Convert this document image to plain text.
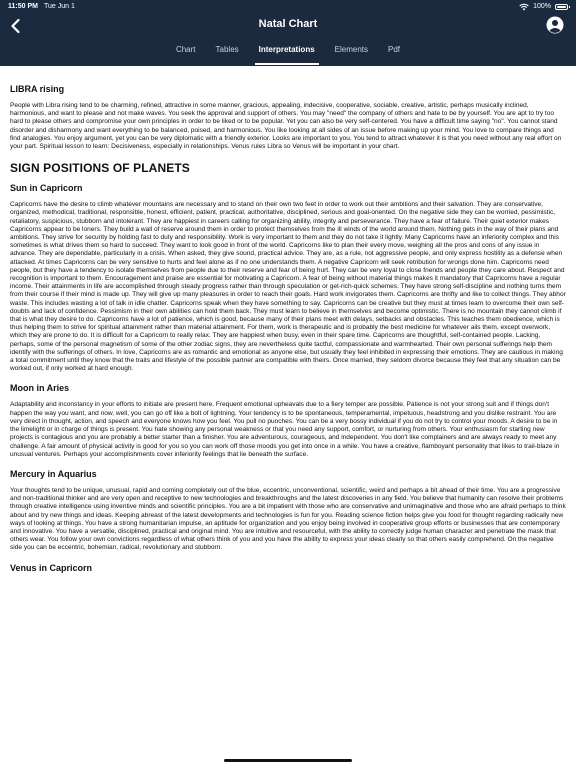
11:50 PM Tue Jun 1	100%
Natal Chart
Chart	Tables	Interpretations	Elements	Pdf
LIBRA rising

People with Libra rising tend to be charming, refined, attractive in some manner, gracious, appealing, indecisive, cooperative, sociable, creative, artistic, perhaps musically inclined, harmonious, and want to please and not make waves. You seek the approval and support of others. You may "need" the company of others and hate to be by yourself. You are apt to try too hard to please others and compromise your own principles in order to be liked or to be popular. Yet you can also be very self-centered. You have a difficult time saying "no". You cannot stand disorder and disharmony and want everything to be balanced, poised, and harmonious. You like looking at all sides of an issue before making up your mind. You love to compare things and find analogies. You enjoy argument, yet you can be very diplomatic with a friendly exterior. Looks are important to you. You tend to attract whatever it is that you need without any real effort on your part. Spiritual lesson to learn: Decisiveness, especially in relationships. Venus rules Libra so Venus will be important in your chart.

SIGN POSITIONS OF PLANETS
Sun in Capricorn

Capricorns have the desire to climb whatever mountains are necessary and to stand on their own two feet in order to work out their ambitions and their salvation. They are conservative, organized, methodical, traditional, responsible, honest, efficient, patient, practical, authoritative, disciplined, serious and goal-oriented. On the negative side they can be worried, pessimistic, retaliatory, suspicious, stubborn and intolerant. They are happiest in careers calling for organizing ability, integrity and perseverance. They have a fear of failure. Their quiet exterior makes Capricorns appear to be loners. They build a wall of reserve around them in order to protect themselves from the ill winds of the world around them. Nothing gets in the way of their plans and ambitions. They strive for security by holding fast to duty and responsibility. Work is very important to them and they do not take it lightly. Many Capricorns have an inferiority complex and this sometimes is what drives them so hard to succeed. They want to look good in front of the world. Capricorns like to plan their every move, weighing all the pros and cons of any issue in advance. They are dependable, particularly in a crisis. When asked, they give sound, practical advice. They are, as a rule, not aggressive people, and only express hostility as a defense when attacked. At times Capricorns can be very sensitive to hurts and feel alone as if no one understands them. A negative Capricorn will seek retribution for wrongs done him. Capricorns need people, but they have a tendency to isolate themselves from people due to their reserve and fear of being hurt. They can be very loyal to close friends and people they care about. Respect and recognition is important to them. Encouragement and praise are essential for motivating a Capricorn. A fear of being without material things makes it mandatory that Capricorns have a regular income. Their attainments in life are accomplished through steady progress rather than through speculation or get-rich-quick schemes. They have strong self-discipline and nothing turns them from their course if their mind is made up. They will give up many pleasures in order to reach their goals. Hard work invigorates them. Capricorns are thrifty and like to collect things. They abhor waste. This includes wasting a lot of talk in idle chatter. Capricorns speak when they have something to say. Capricorns can be creative but they must at times learn to overcome their own self-doubts and lack of confidence. Pessimism in their own abilities can hold them back. They must learn to believe in themselves and become optimistic. There is no mountain they cannot climb if that is what they desire to do. Capricorns have a lot of patience, which is good, because many of their plans meet with delays, setbacks and obstacles. This teaches them obedience, which is thus helping them to strive for spiritual attainment rather than material attainment. For them, work is therapeutic and is probably the best medicine for whatever ails them, except overwork, which they are prone to do. It is difficult for a Capricorn to really relax. They are happiest when busy, even in their spare time. Capricorns are thoughtful, self-contained people. Lacking, perhaps, some of the personal magnetism of some of the other zodiac signs, they are nevertheless quite tactful, compassionate and warmhearted. Their own personal sufferings help them identify with the sufferings of others. In love, Capricorns are as romantic and emotional as anyone else, but usually they feel inhibited in expressing their emotions. They are cautious in making a total commitment until they know that the traits and lifestyle of the possible partner are compatible with theirs. Once married, they seldom divorce because they feel that any situation can be worked out, if only worked at hard enough.

Moon in Aries

Adaptability and inconstancy in your efforts to initiate are present here. Frequent emotional upheavals due to a fiery temper are possible. Patience is not your strong suit and if things don't happen the way you want, and now, well, you can go off like a bolt of lightning. Your tendency is to be spontaneous, temperamental, impetuous, headstrong and you dislike restraint. You are very direct in thought, action, and speech and everyone knows how you feel. You pull no punches. You can be a very bossy individual if you do not try to control your moods. A desire to be in the limelight or in charge of things is present. You hate showing any personal weakness or that you need any support, comfort, or nurturing from others. Your enthusiasm for starting new projects is contagious and you are probably a better starter than a finisher. You are adventurous, courageous, and independent. You don't like complainers and are always ready to meet any challenge. A fair amount of physical activity is good for you so you can work off those moods you get into once in a while. You have a creative, flamboyant personality that likes to trail-blaze in unusual ventures. Perhaps your accomplishments cover inferiority feelings that lie beneath the surface.

Mercury in Aquarius

Your thoughts tend to be unique, unusual, rapid and coming completely out of the blue, eccentric, unconventional, scientific, weird and perhaps a bit ahead of their time. You are a progressive and non-traditional thinker and are very open and receptive to new technologies and breakthroughs and the latest discoveries in any field. You believe that humanity can resolve their problems through creative intelligence using inventive minds and scientific principles. You are a bit impatient with those who are conservative and unimaginative and those who are afraid perhaps to think about and try new things and ideas. Keeping abreast of the latest developments and technologies is fun for you. Reading science fiction helps give you food for thought regarding radically new ways of looking at things. You have a strong humanitarian impulse, an aptitude for organization and you enjoy being involved in cooperative group efforts or businesses that are contemporary and innovative. You have a versatile, disciplined, practical and original mind. You are intuitive and resourceful, with the ability to correctly judge human character and penetrate the mask that others wear. You follow your own convictions regardless of what others think of you and you have the ability to express your ideas clearly so that others easily comprehend. On the negative side you can be eccentric, bohemian, radical, revolutionary and stubborn.

Venus in Capricorn
